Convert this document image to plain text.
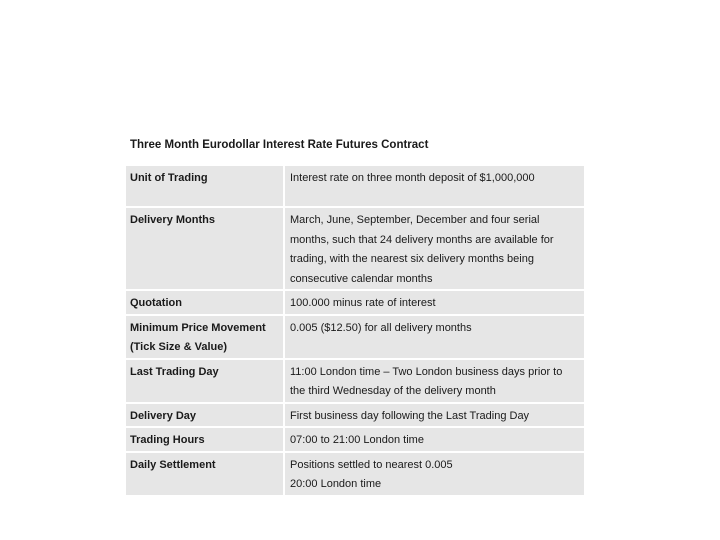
Three Month Eurodollar Interest Rate Futures Contract
Unit of Trading	Interest rate on three month deposit of $1,000,000
Delivery Months	March, June, September, December and four serial
months, such that 24 delivery months are available for
trading, with the nearest six delivery months being
consecutive calendar months
Quotation	100.000 minus rate of interest
Minimum Price Movement
(Tick Size & Value)	0.005 ($12.50) for all delivery months
Last Trading Day	11:00 London time – Two London business days prior to
the third Wednesday of the delivery month
Delivery Day	First business day following the Last Trading Day
Trading Hours	07:00 to 21:00 London time
Daily Settlement	Positions settled to nearest 0.005
20:00 London time
